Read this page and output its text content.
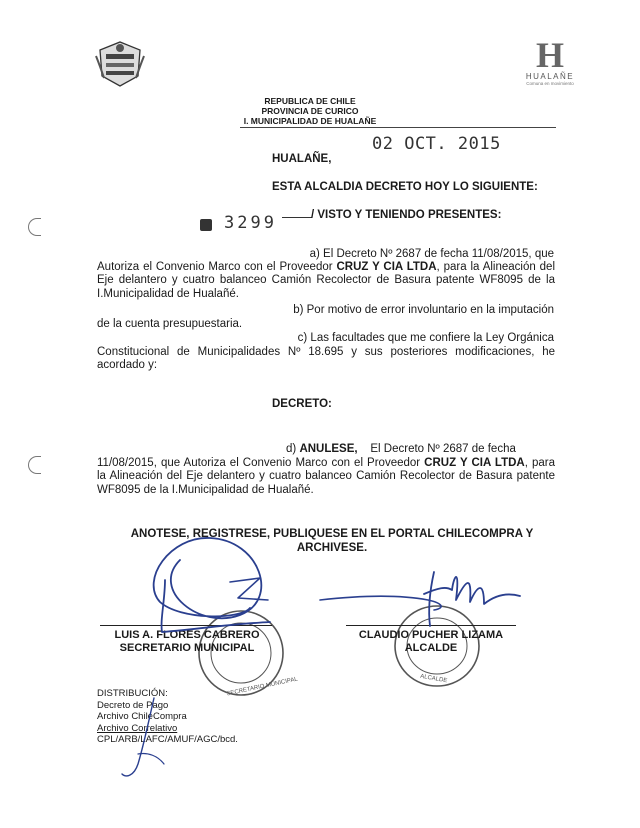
H
HUALAÑE
Comuna en movimiento
REPUBLICA DE CHILE
PROVINCIA DE CURICO
I. MUNICIPALIDAD DE HUALAÑE
HUALAÑE,
02 OCT. 2015
ESTA ALCALDIA DECRETO HOY LO SIGUIENTE:
3299	/ VISTO Y TENIENDO PRESENTES:
a) El Decreto Nº 2687 de fecha 11/08/2015, que
Autoriza el Convenio Marco con el Proveedor CRUZ Y CIA LTDA, para la Alineación del Eje delantero y cuatro balanceo Camión Recolector de Basura patente WF8095 de la I.Municipalidad de Hualañé.
b) Por motivo de error involuntario en la imputación
de la cuenta presupuestaria.
c) Las facultades que me confiere la Ley Orgánica
Constitucional de Municipalidades Nº 18.695 y sus posteriores modificaciones, he acordado y:
DECRETO:
d) ANULESE, El Decreto Nº 2687 de fecha
11/08/2015, que Autoriza el Convenio Marco con el Proveedor CRUZ Y CIA LTDA, para la Alineación del Eje delantero y cuatro balanceo Camión Recolector de Basura patente WF8095 de la I.Municipalidad de Hualañé.
ANOTESE, REGISTRESE, PUBLIQUESE EN EL PORTAL CHILECOMPRA Y ARCHIVESE.
SECRETARIO MUNICIPAL	ALCALDE
LUIS A. FLORES CABRERO
SECRETARIO MUNICIPAL
CLAUDIO PUCHER LIZAMA
ALCALDE
DISTRIBUCIÓN:
Decreto de Pago
Archivo ChileCompra
Archivo Correlativo
CPL/ARB/LAFC/AMUF/AGC/bcd.
